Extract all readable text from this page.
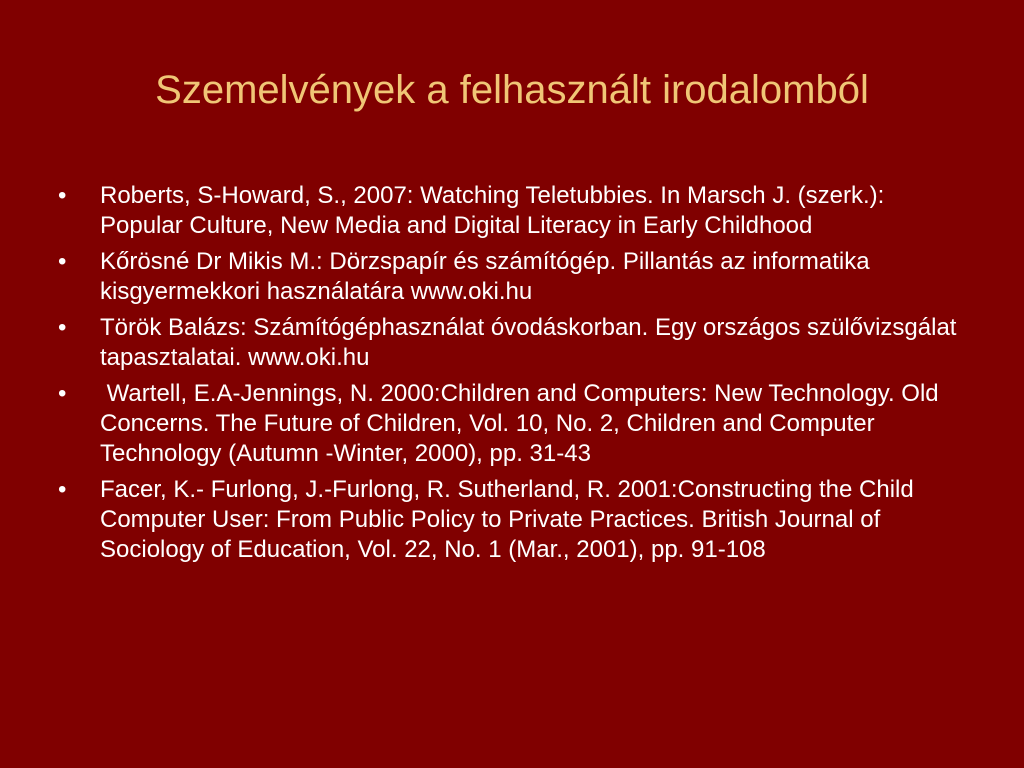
Szemelvények a felhasznált irodalomból
•	Roberts, S-Howard, S., 2007: Watching Teletubbies. In Marsch J. (szerk.): Popular Culture, New Media and Digital Literacy in Early Childhood
•	Kőrösné Dr Mikis M.: Dörzspapír és számítógép. Pillantás az informatika kisgyermekkori használatára www.oki.hu
•	Török Balázs: Számítógéphasználat óvodáskorban. Egy országos szülővizsgálat tapasztalatai. www.oki.hu
•	Wartell, E.A-Jennings, N. 2000:Children and Computers: New Technology. Old Concerns. The Future of Children, Vol. 10, No. 2, Children and Computer Technology (Autumn -Winter, 2000), pp. 31-43
•	Facer, K.- Furlong, J.-Furlong, R. Sutherland, R. 2001:Constructing the Child Computer User: From Public Policy to Private Practices. British Journal of Sociology of Education, Vol. 22, No. 1 (Mar., 2001), pp. 91-108
